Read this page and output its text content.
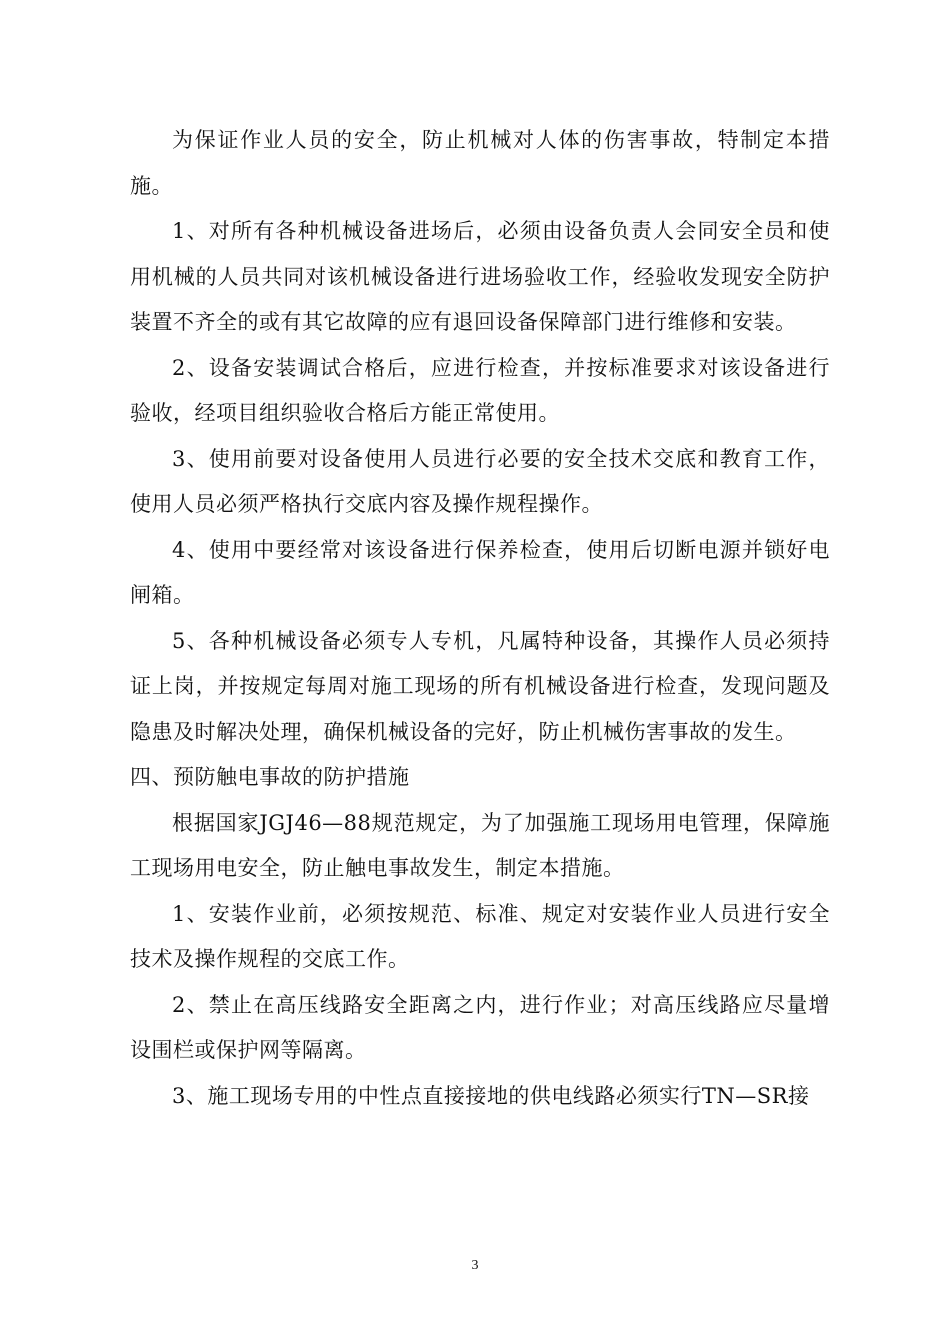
为保证作业人员的安全，防止机械对人体的伤害事故，特制定本措施。

1、对所有各种机械设备进场后，必须由设备负责人会同安全员和使用机械的人员共同对该机械设备进行进场验收工作，经验收发现安全防护装置不齐全的或有其它故障的应有退回设备保障部门进行维修和安装。

2、设备安装调试合格后，应进行检查，并按标准要求对该设备进行验收，经项目组织验收合格后方能正常使用。

3、使用前要对设备使用人员进行必要的安全技术交底和教育工作，使用人员必须严格执行交底内容及操作规程操作。

4、使用中要经常对该设备进行保养检查，使用后切断电源并锁好电闸箱。

5、各种机械设备必须专人专机，凡属特种设备，其操作人员必须持证上岗，并按规定每周对施工现场的所有机械设备进行检查，发现问题及隐患及时解决处理，确保机械设备的完好，防止机械伤害事故的发生。

四、预防触电事故的防护措施

根据国家JGJ46—88规范规定，为了加强施工现场用电管理，保障施工现场用电安全，防止触电事故发生，制定本措施。

1、安装作业前，必须按规范、标准、规定对安装作业人员进行安全技术及操作规程的交底工作。

2、禁止在高压线路安全距离之内，进行作业；对高压线路应尽量增设围栏或保护网等隔离。

3、施工现场专用的中性点直接接地的供电线路必须实行TN—SR接

3
